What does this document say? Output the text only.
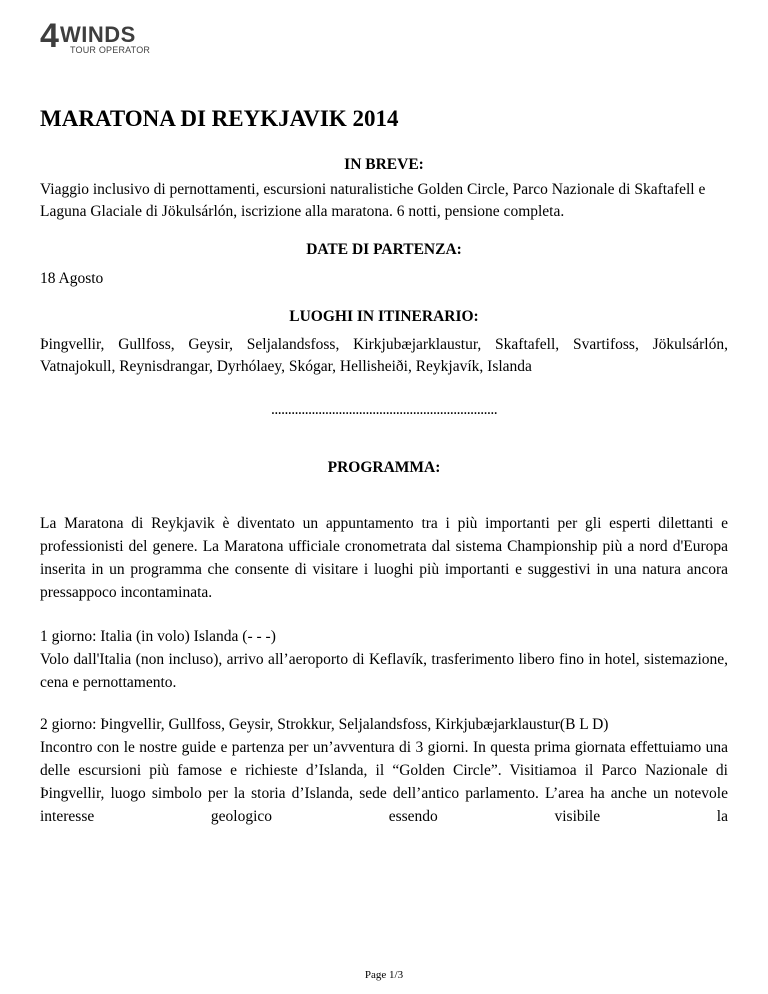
4 WINDS
TOUR OPERATOR
MARATONA DI REYKJAVIK 2014
IN BREVE:

Viaggio inclusivo di pernottamenti, escursioni naturalistiche Golden Circle, Parco Nazionale di Skaftafell e Laguna Glaciale di Jökulsárlón, iscrizione alla maratona. 6 notti, pensione completa.

DATE DI PARTENZA:

18 Agosto

LUOGHI IN ITINERARIO:

Þingvellir, Gullfoss, Geysir, Seljalandsfoss, Kirkjubæjarklaustur, Skaftafell, Svartifoss, Jökulsárlón, Vatnajokull, Reynisdrangar, Dyrhólaey, Skógar, Hellisheiði, Reykjavík, Islanda

...................................................................
PROGRAMMA:

La Maratona di Reykjavik è diventato un appuntamento tra i più importanti per gli esperti dilettanti e professionisti del genere. La Maratona ufficiale cronometrata dal sistema Championship più a nord d'Europa inserita in un programma che consente di visitare i luoghi più importanti e suggestivi in una natura ancora pressappoco incontaminata.

1 giorno: Italia (in volo) Islanda (- - -)

Volo dall'Italia (non incluso), arrivo all’aeroporto di Keflavík, trasferimento libero fino in hotel, sistemazione, cena e pernottamento.

2 giorno: Þingvellir, Gullfoss, Geysir, Strokkur, Seljalandsfoss, Kirkjubæjarklaustur(B L D)

Incontro con le nostre guide e partenza per un’avventura di 3 giorni. In questa prima giornata effettuiamo una delle escursioni più famose e richieste d’Islanda, il “Golden Circle”. Visitiamoa il Parco Nazionale di Þingvellir, luogo simbolo per la storia d’Islanda, sede dell’antico parlamento. L’area ha anche un notevole interesse geologico essendo visibile la

Page 1/3
